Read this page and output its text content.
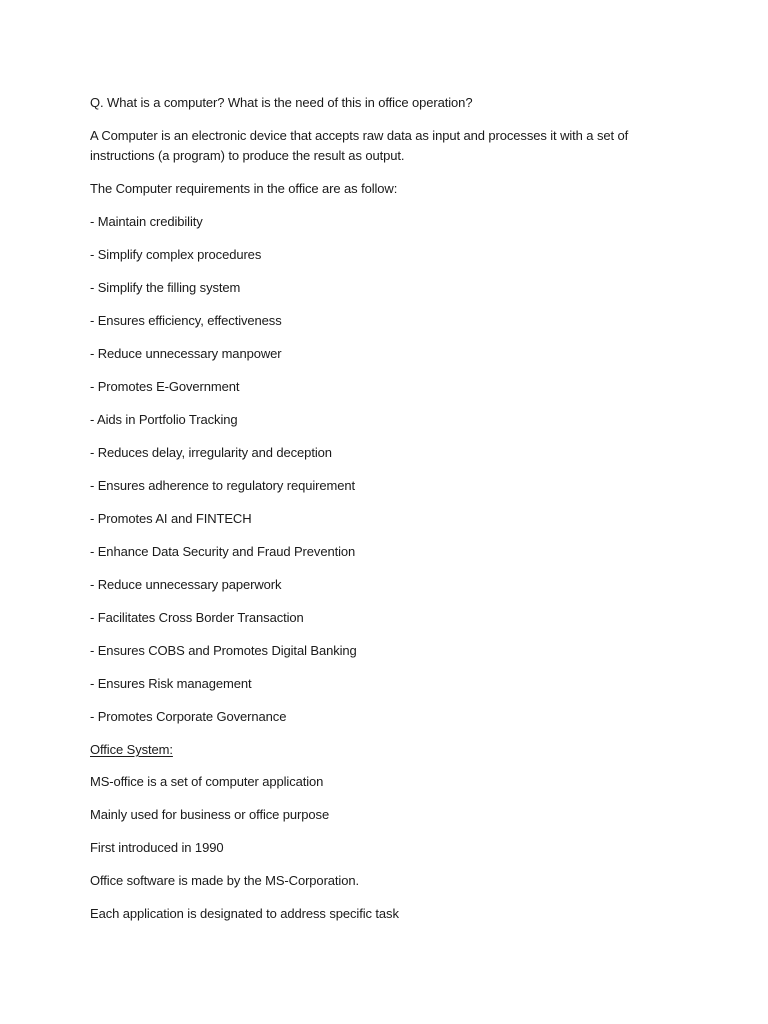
Q. What is a computer? What is the need of this in office operation?

A Computer is an electronic device that accepts raw data as input and processes it with a set of instructions (a program) to produce the result as output.

The Computer requirements in the office are as follow:

- Maintain credibility

- Simplify complex procedures

- Simplify the filling system

- Ensures efficiency, effectiveness

- Reduce unnecessary manpower

- Promotes E-Government

- Aids in Portfolio Tracking

- Reduces delay, irregularity and deception

- Ensures adherence to regulatory requirement

- Promotes AI and FINTECH

- Enhance Data Security and Fraud Prevention

- Reduce unnecessary paperwork

- Facilitates Cross Border Transaction

- Ensures COBS and Promotes Digital Banking

- Ensures Risk management

- Promotes Corporate Governance

Office System:

MS-office is a set of computer application

Mainly used for business or office purpose

First introduced in 1990

Office software is made by the MS-Corporation.

Each application is designated to address specific task
